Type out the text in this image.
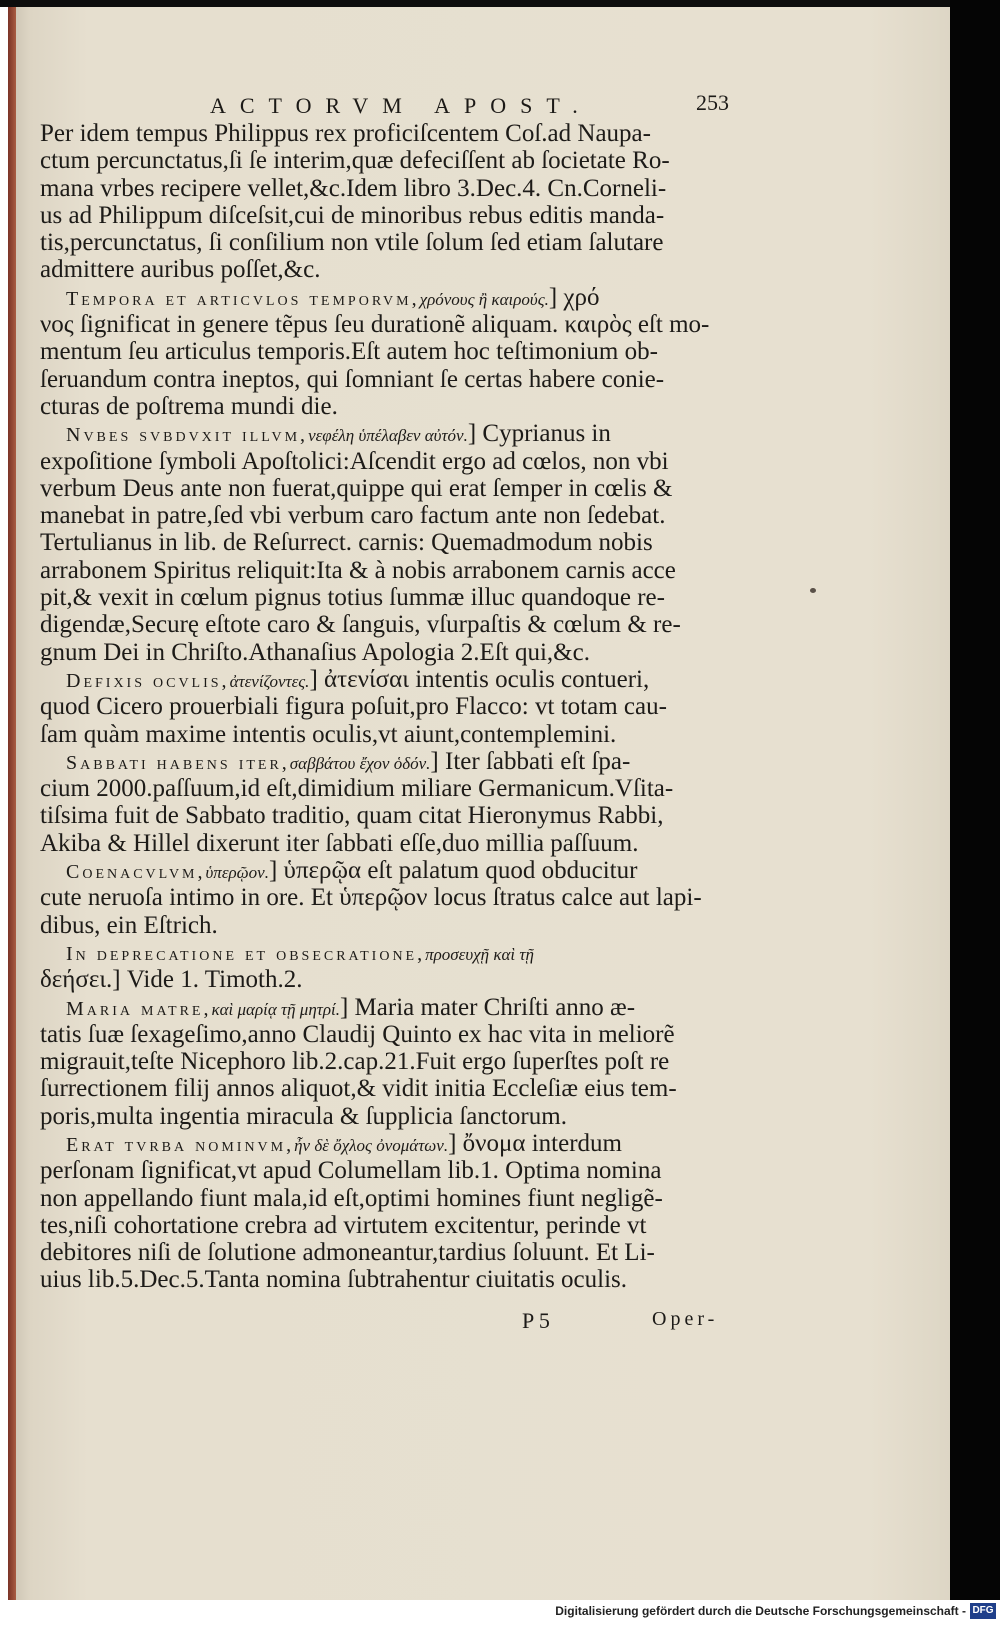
ACTORVM APOST.	253
Per idem tempus Philippus rex proficiſcentem Coſ.ad Naupa-
ctum percunctatus,ſi ſe interim,quæ defeciſſent ab ſocietate Ro-
mana vrbes recipere vellet,&c.Idem libro 3.Dec.4. Cn.Corneli-
us ad Philippum diſceſsit,cui de minoribus rebus editis manda-
tis,percunctatus, ſi conſilium non vtile ſolum ſed etiam ſalutare
admittere auribus poſſet,&c.
Tempora et articvlos temporvm,χρόνους ἢ καιρούς.] χρό
νος ſignificat in genere tẽpus ſeu durationẽ aliquam. καιρὸς eſt mo-
mentum ſeu articulus temporis.Eſt autem hoc teſtimonium ob-
ſeruandum contra ineptos, qui ſomniant ſe certas habere conie-
cturas de poſtrema mundi die.
Nvbes svbdvxit illvm,νεφέλη ὑπέλαβεν αὐτόν.] Cyprianus in
expoſitione ſymboli Apoſtolici:Aſcendit ergo ad cœlos, non vbi
verbum Deus ante non fuerat,quippe qui erat ſemper in cœlis &
manebat in patre,ſed vbi verbum caro factum ante non ſedebat.
Tertulianus in lib. de Reſurrect. carnis: Quemadmodum nobis
arrabonem Spiritus reliquit:Ita & à nobis arrabonem carnis acce
pit,& vexit in cœlum pignus totius ſummæ illuc quandoque re-
digendæ,Securę eſtote caro & ſanguis, vſurpaſtis & cœlum & re-
gnum Dei in Chriſto.Athanaſius Apologia 2.Eſt qui,&c.
Defixis ocvlis,ἀτενίζοντες.] ἀτενίσαι intentis oculis contueri,
quod Cicero prouerbiali figura poſuit,pro Flacco: vt totam cau-
ſam quàm maxime intentis oculis,vt aiunt,contemplemini.
Sabbati habens iter,σαββάτου ἔχον ὁδόν.] Iter ſabbati eſt ſpa-
cium 2000.paſſuum,id eſt,dimidium miliare Germanicum.Vſita-
tiſsima fuit de Sabbato traditio, quam citat Hieronymus Rabbi,
Akiba & Hillel dixerunt iter ſabbati eſſe,duo millia paſſuum.
Coenacvlvm,ὑπερῷον.] ὑπερῷα eſt palatum quod obducitur
cute neruoſa intimo in ore. Et ὑπερῷον locus ſtratus calce aut lapi-
dibus, ein Eſtrich.
In deprecatione et obsecratione,προσευχῇ καὶ τῇ
δεήσει.] Vide 1. Timoth.2.
Maria matre,καὶ μαρίᾳ τῇ μητρί.] Maria mater Chriſti anno æ-
tatis ſuæ ſexageſimo,anno Claudij Quinto ex hac vita in meliorẽ
migrauit,teſte Nicephoro lib.2.cap.21.Fuit ergo ſuperſtes poſt re
ſurrectionem filij annos aliquot,& vidit initia Eccleſiæ eius tem-
poris,multa ingentia miracula & ſupplicia ſanctorum.
Erat tvrba nominvm,ἦν δὲ ὄχλος ὀνομάτων.] ὄνομα interdum
perſonam ſignificat,vt apud Columellam lib.1. Optima nomina
non appellando fiunt mala,id eſt,optimi homines fiunt negligẽ-
tes,niſi cohortatione crebra ad virtutem excitentur, perinde vt
debitores niſi de ſolutione admoneantur,tardius ſoluunt. Et Li-
uius lib.5.Dec.5.Tanta nomina ſubtrahentur ciuitatis oculis.
P 5	Oper-
Digitalisierung gefördert durch die Deutsche Forschungsgemeinschaft - DFG
